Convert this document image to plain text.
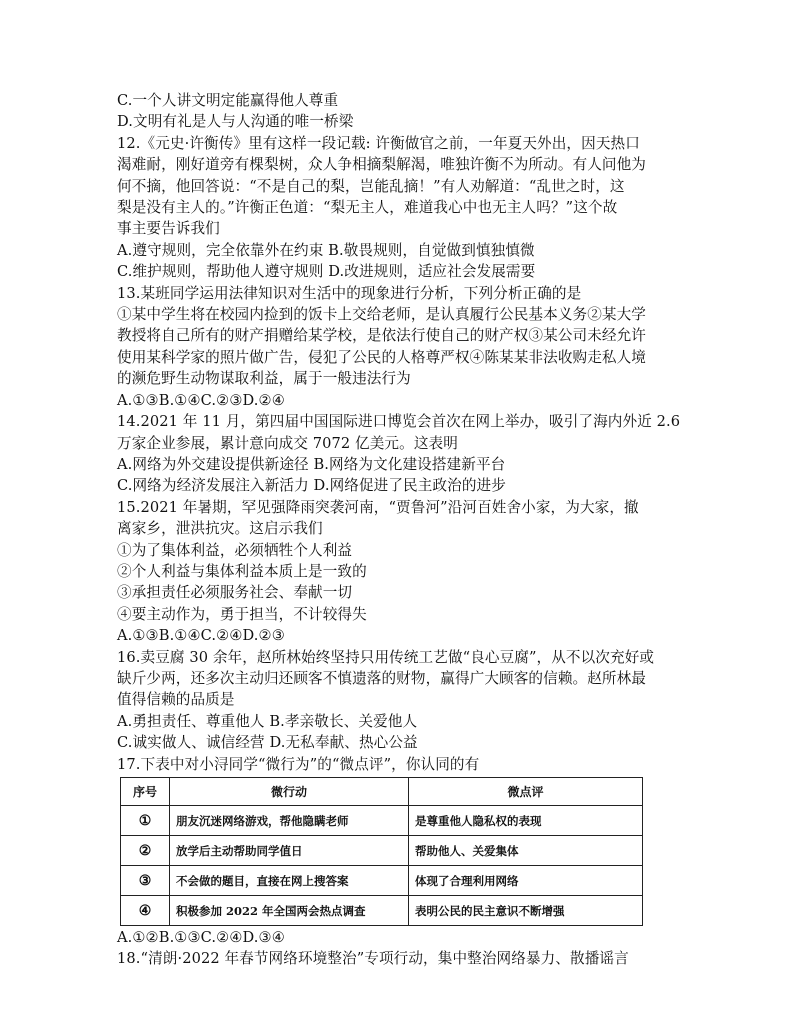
C.一个人讲文明定能赢得他人尊重
D.文明有礼是人与人沟通的唯一桥梁
12.《元史·许衡传》里有这样一段记载: 许衡做官之前，一年夏天外出，因天热口
渴难耐，刚好道旁有棵梨树，众人争相摘梨解渴，唯独许衡不为所动。有人问他为
何不摘，他回答说：“不是自己的梨，岂能乱摘！”有人劝解道：“乱世之时，这
梨是没有主人的。”许衡正色道：“梨无主人，难道我心中也无主人吗？”这个故
事主要告诉我们
A.遵守规则，完全依靠外在约束 B.敬畏规则，自觉做到慎独慎微
C.维护规则，帮助他人遵守规则 D.改进规则，适应社会发展需要
13.某班同学运用法律知识对生活中的现象进行分析，下列分析正确的是
①某中学生将在校园内捡到的饭卡上交给老师，是认真履行公民基本义务②某大学
教授将自己所有的财产捐赠给某学校，是依法行使自己的财产权③某公司未经允许
使用某科学家的照片做广告，侵犯了公民的人格尊严权④陈某某非法收购走私人境
的濒危野生动物谋取利益，属于一般违法行为
A.①③B.①④C.②③D.②④
14.2021 年 11 月，第四届中国国际进口博览会首次在网上举办，吸引了海内外近 2.6
万家企业参展，累计意向成交 7072 亿美元。这表明
A.网络为外交建设提供新途径 B.网络为文化建设搭建新平台
C.网络为经济发展注入新活力 D.网络促进了民主政治的进步
15.2021 年暑期，罕见强降雨突袭河南，“贾鲁河”沿河百姓舍小家，为大家，撤
离家乡，泄洪抗灾。这启示我们
①为了集体利益，必须牺牲个人利益
②个人利益与集体利益本质上是一致的
③承担责任必须服务社会、奉献一切
④要主动作为，勇于担当，不计较得失
A.①③B.①④C.②④D.②③
16.卖豆腐 30 余年，赵所林始终坚持只用传统工艺做“良心豆腐”，从不以次充好或
缺斤少两，还多次主动归还顾客不慎遗落的财物，赢得广大顾客的信赖。赵所林最
值得信赖的品质是
A.勇担责任、尊重他人 B.孝亲敬长、关爱他人
C.诚实做人、诚信经营 D.无私奉献、热心公益
17.下表中对小浔同学“微行为”的“微点评”，你认同的有
序号	微行动	微点评
①	朋友沉迷网络游戏，帮他隐瞒老师	是尊重他人隐私权的表现
②	放学后主动帮助同学值日	帮助他人、关爱集体
③	不会做的题目，直接在网上搜答案	体现了合理利用网络
④	积极参加 2022 年全国两会热点调查	表明公民的民主意识不断增强
A.①②B.①③C.②④D.③④
18.“清朗·2022 年春节网络环境整治”专项行动，集中整治网络暴力、散播谣言
